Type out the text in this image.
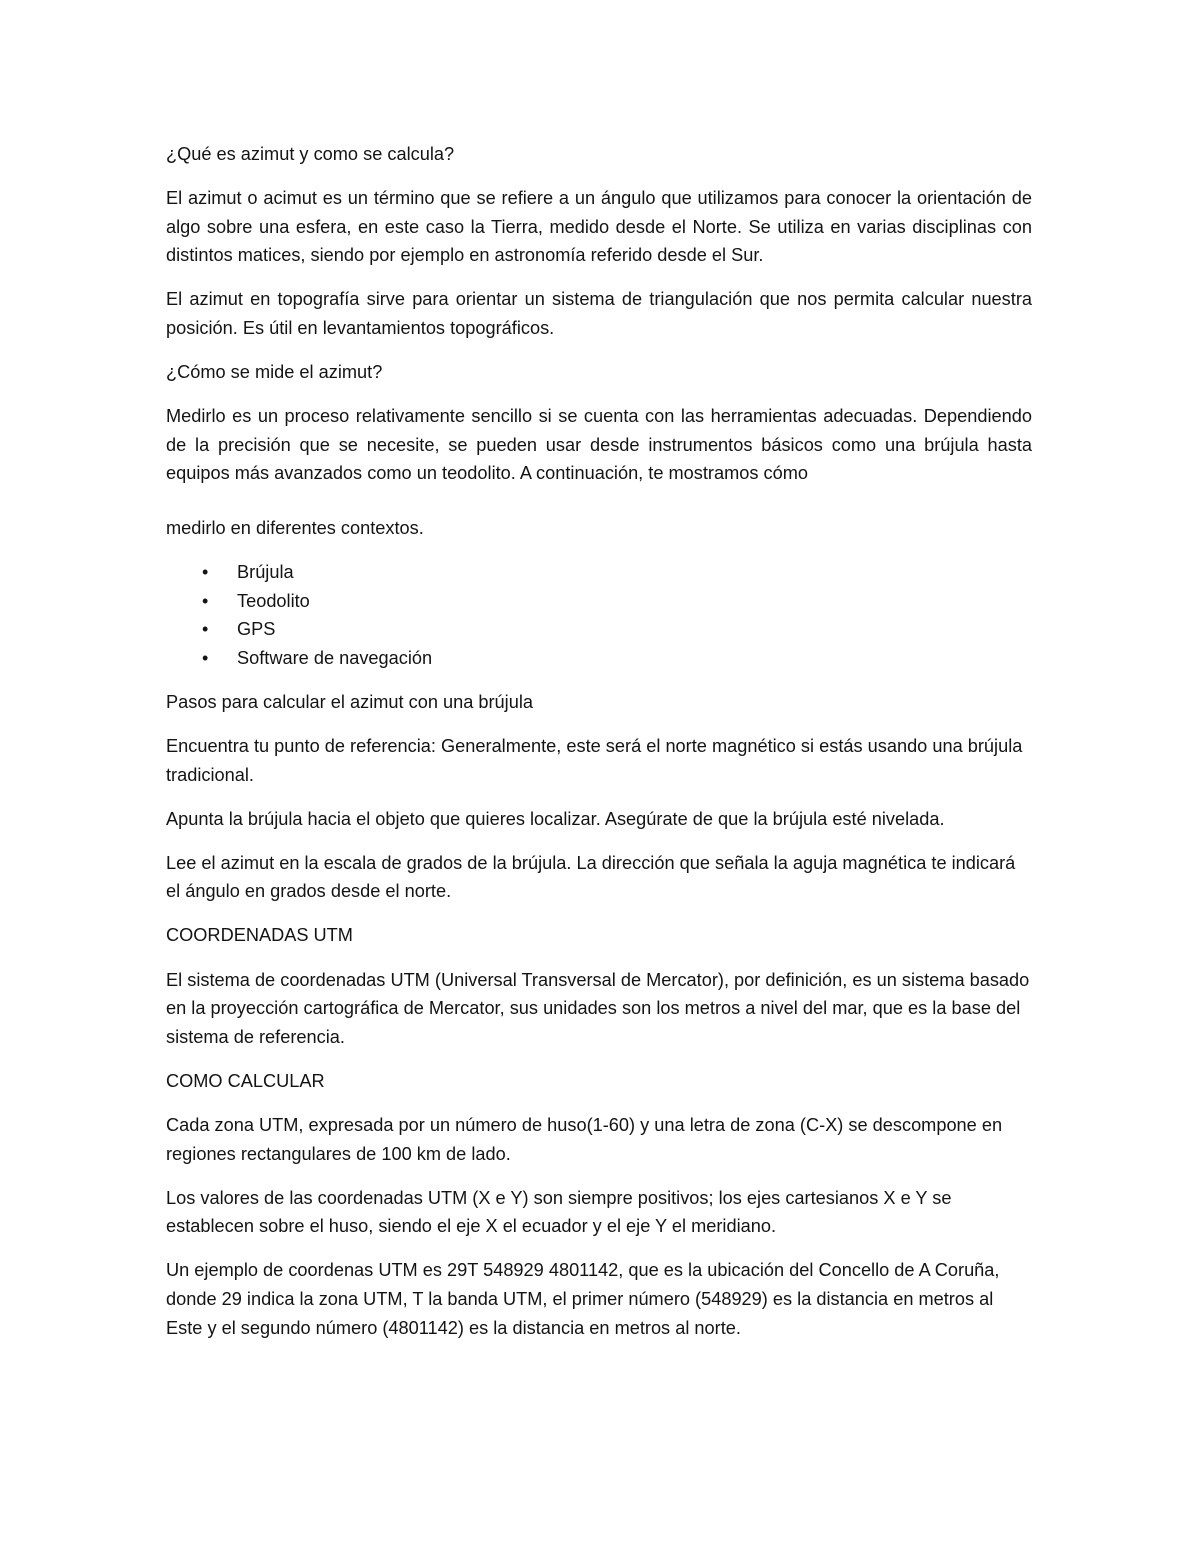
¿Qué es azimut y como se calcula?

El azimut o acimut es un término que se refiere a un ángulo que utilizamos para conocer la orientación de algo sobre una esfera, en este caso la Tierra, medido desde el Norte. Se utiliza en varias disciplinas con distintos matices, siendo por ejemplo en astronomía referido desde el Sur.

El azimut en topografía sirve para orientar un sistema de triangulación que nos permita calcular nuestra posición. Es útil en levantamientos topográficos.

¿Cómo se mide el azimut?

Medirlo es un proceso relativamente sencillo si se cuenta con las herramientas adecuadas. Dependiendo de la precisión que se necesite, se pueden usar desde instrumentos básicos como una brújula hasta equipos más avanzados como un teodolito. A continuación, te mostramos cómo

medirlo en diferentes contextos.

• Brújula
• Teodolito
• GPS
• Software de navegación

Pasos para calcular el azimut con una brújula

Encuentra tu punto de referencia: Generalmente, este será el norte magnético si estás usando una brújula tradicional.

Apunta la brújula hacia el objeto que quieres localizar. Asegúrate de que la brújula esté nivelada.

Lee el azimut en la escala de grados de la brújula. La dirección que señala la aguja magnética te indicará el ángulo en grados desde el norte.

COORDENADAS UTM

El sistema de coordenadas UTM (Universal Transversal de Mercator), por definición, es un sistema basado en la proyección cartográfica de Mercator, sus unidades son los metros a nivel del mar, que es la base del sistema de referencia.

COMO CALCULAR

Cada zona UTM, expresada por un número de huso(1-60) y una letra de zona (C-X) se descompone en regiones rectangulares de 100 km de lado.

Los valores de las coordenadas UTM (X e Y) son siempre positivos; los ejes cartesianos X e Y se establecen sobre el huso, siendo el eje X el ecuador y el eje Y el meridiano.

Un ejemplo de coordenas UTM es 29T 548929 4801142, que es la ubicación del Concello de A Coruña, donde 29 indica la zona UTM, T la banda UTM, el primer número (548929) es la distancia en metros al Este y el segundo número (4801142) es la distancia en metros al norte.
